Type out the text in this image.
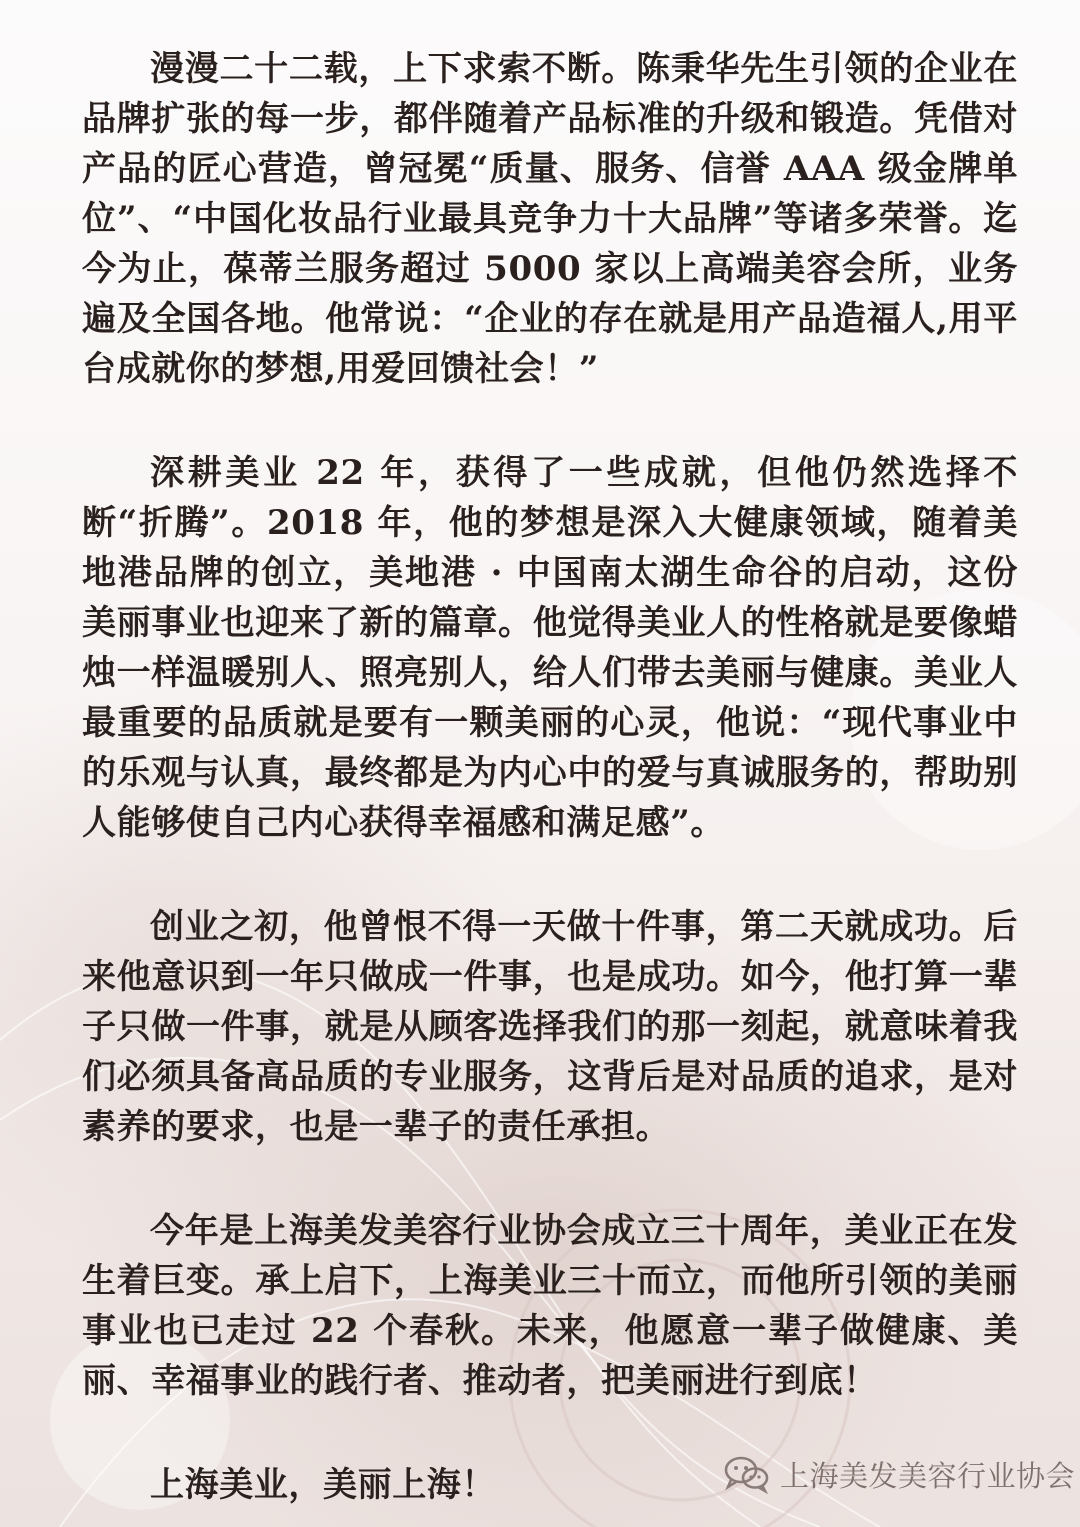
漫漫二十二载，上下求索不断。陈秉华先生引领的企业在品牌扩张的每一步，都伴随着产品标准的升级和锻造。凭借对产品的匠心营造，曾冠冕“质量、服务、信誉 AAA 级金牌单位”、“中国化妆品行业最具竞争力十大品牌”等诸多荣誉。迄今为止，葆蒂兰服务超过 5000 家以上高端美容会所，业务遍及全国各地。他常说：“企业的存在就是用产品造福人,用平台成就你的梦想,用爱回馈社会！”

深耕美业 22 年，获得了一些成就，但他仍然选择不断“折腾”。2018 年，他的梦想是深入大健康领域，随着美地港品牌的创立，美地港 · 中国南太湖生命谷的启动，这份美丽事业也迎来了新的篇章。他觉得美业人的性格就是要像蜡烛一样温暖别人、照亮别人，给人们带去美丽与健康。美业人最重要的品质就是要有一颗美丽的心灵，他说：“现代事业中的乐观与认真，最终都是为内心中的爱与真诚服务的，帮助别人能够使自己内心获得幸福感和满足感”。

创业之初，他曾恨不得一天做十件事，第二天就成功。后来他意识到一年只做成一件事，也是成功。如今，他打算一辈子只做一件事，就是从顾客选择我们的那一刻起，就意味着我们必须具备高品质的专业服务，这背后是对品质的追求，是对素养的要求，也是一辈子的责任承担。

今年是上海美发美容行业协会成立三十周年，美业正在发生着巨变。承上启下，上海美业三十而立，而他所引领的美丽事业也已走过 22 个春秋。未来，他愿意一辈子做健康、美丽、幸福事业的践行者、推动者，把美丽进行到底！

上海美业，美丽上海！	上海美发美容行业协会
